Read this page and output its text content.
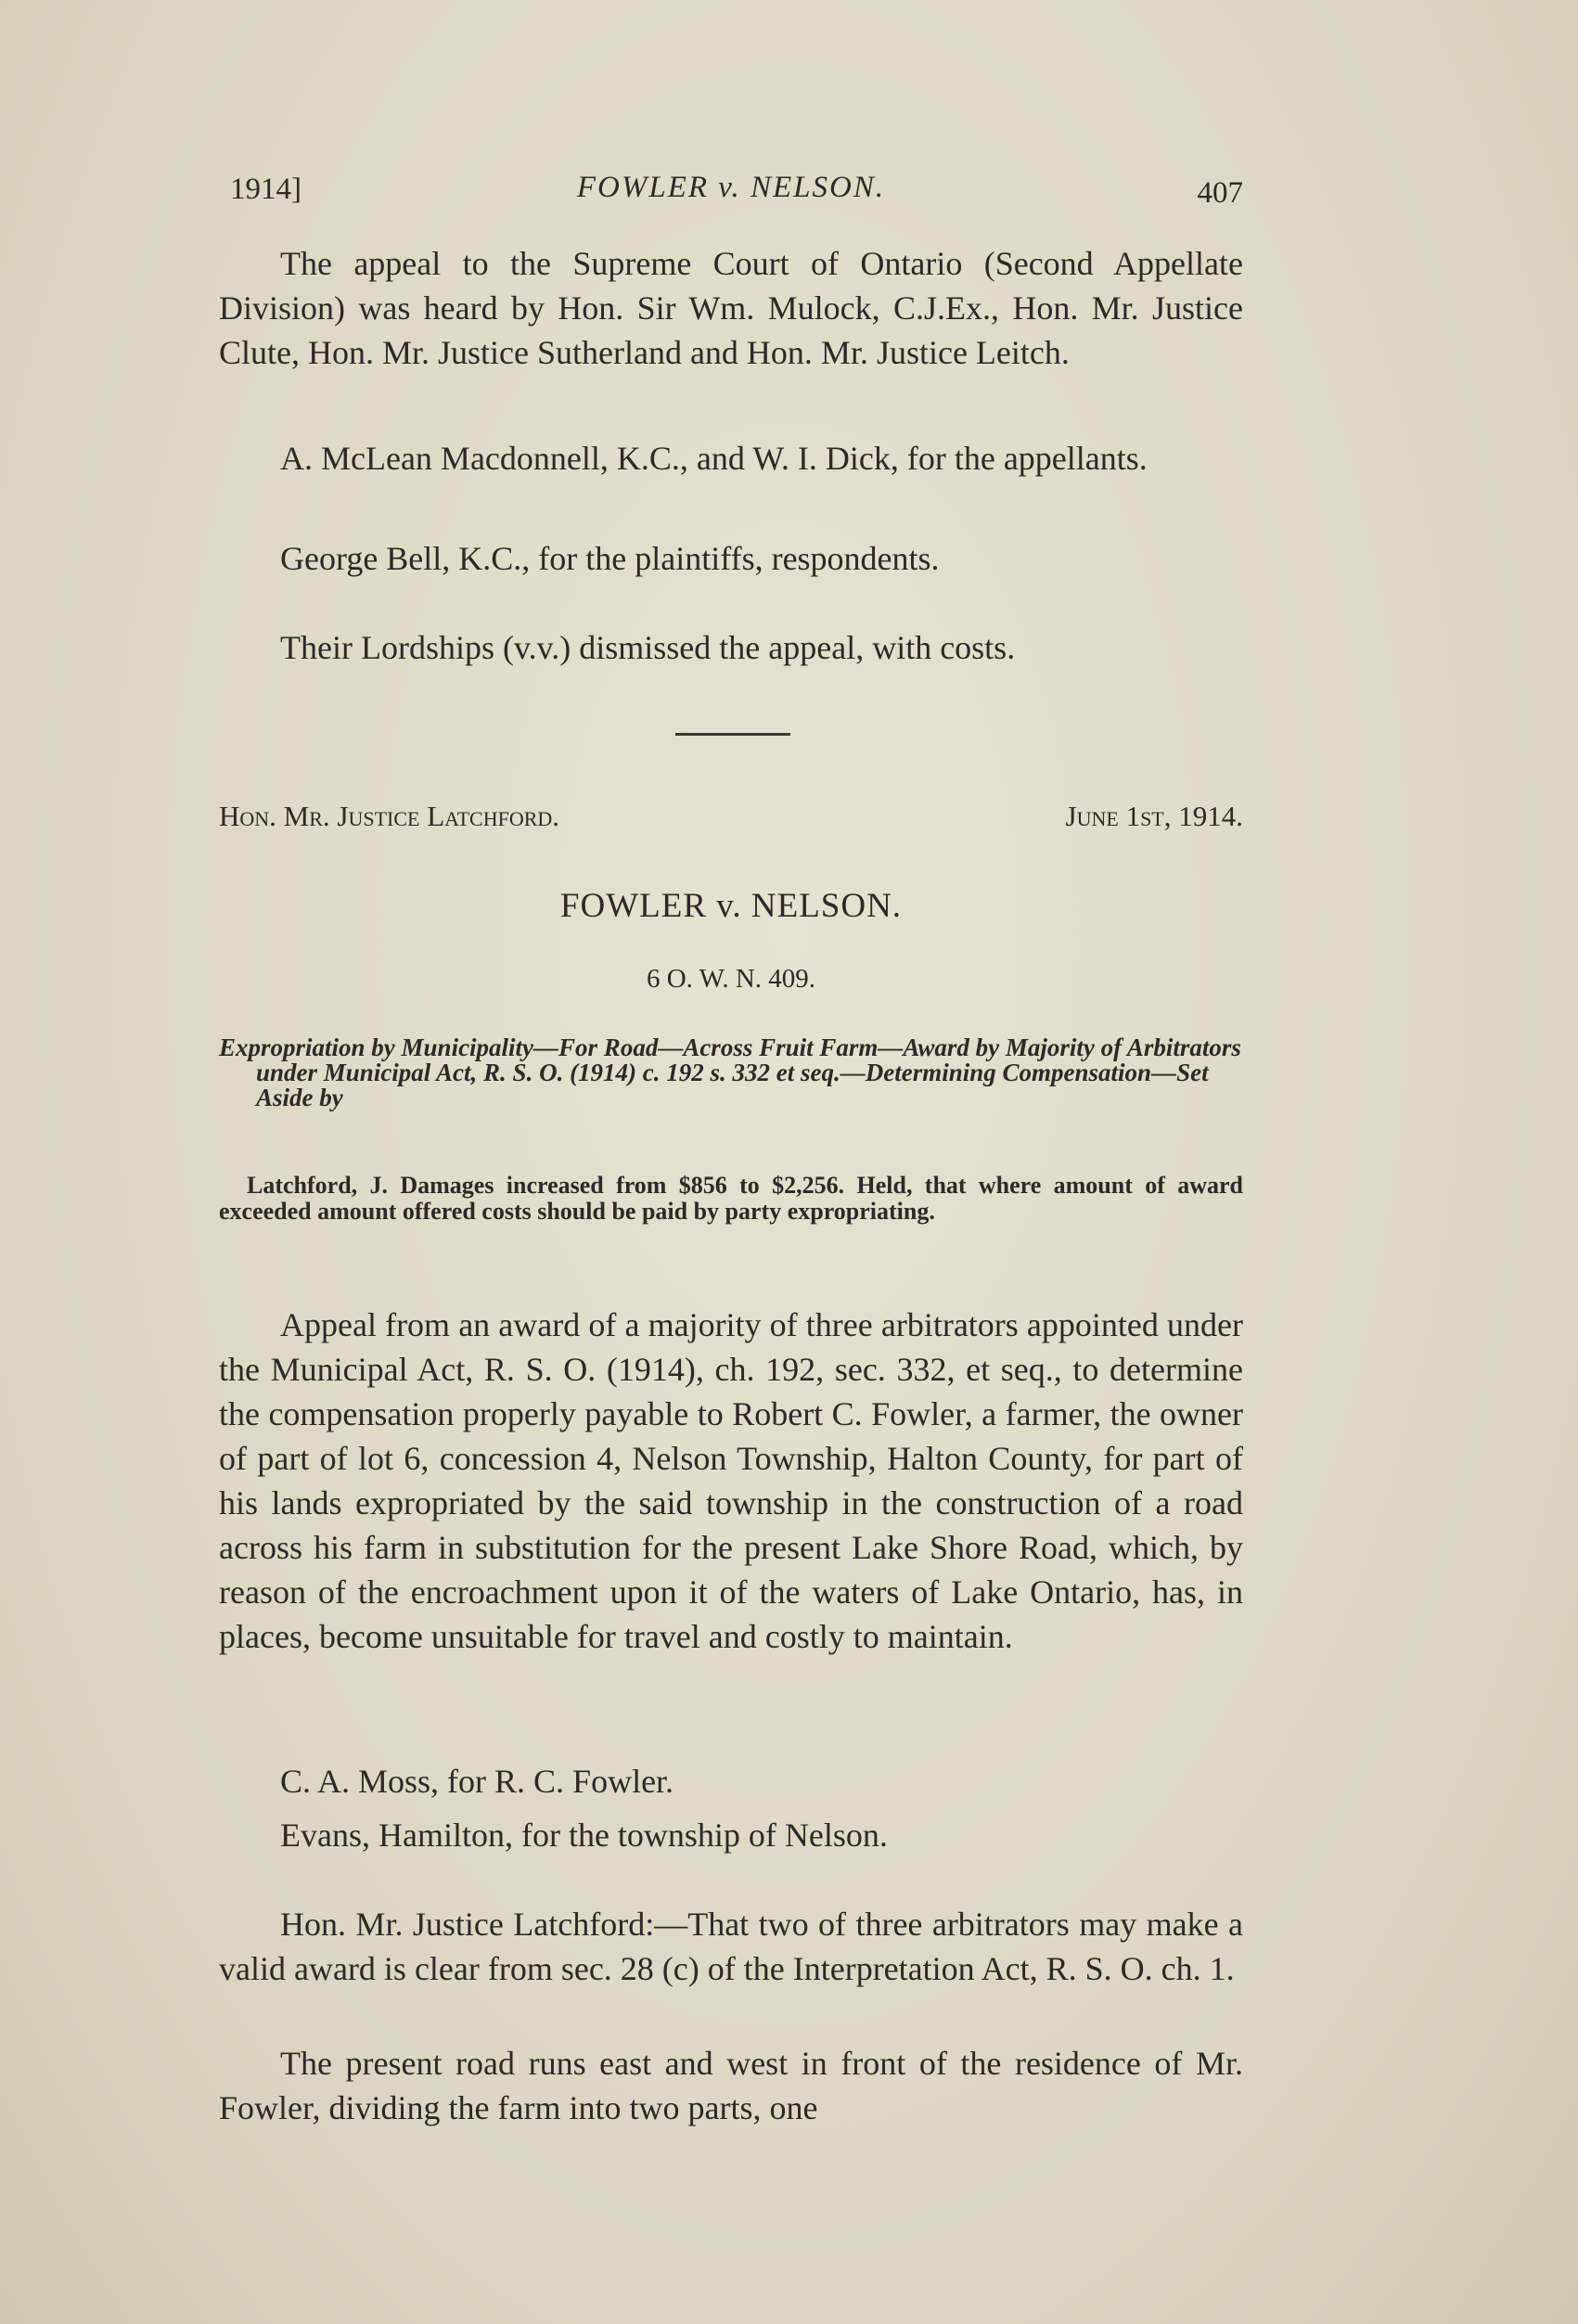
1914]	FOWLER v. NELSON.	407

The appeal to the Supreme Court of Ontario (Second Appellate Division) was heard by Hon. Sir Wm. Mulock, C.J.Ex., Hon. Mr. Justice Clute, Hon. Mr. Justice Sutherland and Hon. Mr. Justice Leitch.

A. McLean Macdonnell, K.C., and W. I. Dick, for the appellants.

George Bell, K.C., for the plaintiffs, respondents.

Their Lordships (v.v.) dismissed the appeal, with costs.

Hon. Mr. Justice Latchford.	June 1st, 1914.
FOWLER v. NELSON.
6 O. W. N. 409.

Expropriation by Municipality—For Road—Across Fruit Farm—Award by Majority of Arbitrators under Municipal Act, R. S. O. (1914) c. 192 s. 332 et seq.—Determining Compensation—Set Aside by

Latchford, J. Damages increased from $856 to $2,256. Held, that where amount of award exceeded amount offered costs should be paid by party expropriating.

Appeal from an award of a majority of three arbitrators appointed under the Municipal Act, R. S. O. (1914), ch. 192, sec. 332, et seq., to determine the compensation properly payable to Robert C. Fowler, a farmer, the owner of part of lot 6, concession 4, Nelson Township, Halton County, for part of his lands expropriated by the said township in the construction of a road across his farm in substitution for the present Lake Shore Road, which, by reason of the encroachment upon it of the waters of Lake Ontario, has, in places, become unsuitable for travel and costly to maintain.

C. A. Moss, for R. C. Fowler.

Evans, Hamilton, for the township of Nelson.

Hon. Mr. Justice Latchford:—That two of three arbitrators may make a valid award is clear from sec. 28 (c) of the Interpretation Act, R. S. O. ch. 1.

The present road runs east and west in front of the residence of Mr. Fowler, dividing the farm into two parts, one
